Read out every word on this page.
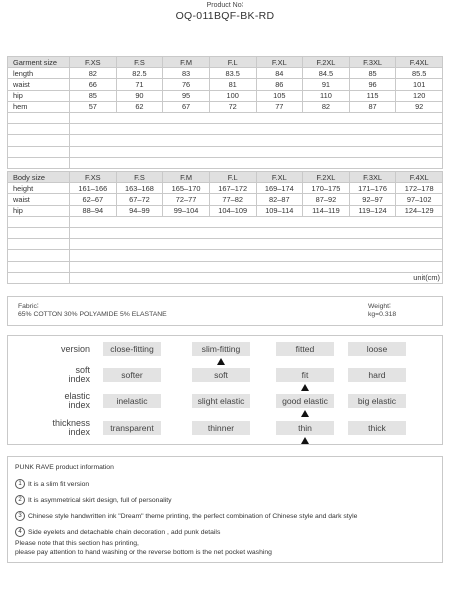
Product No∶
OQ-011BQF-BK-RD
Garment size	F.XS	F.S	F.M	F.L	F.XL	F.2XL	F.3XL	F.4XL
length	82	82.5	83	83.5	84	84.5	85	85.5
waist	66	71	76	81	86	91	96	101
hip	85	90	95	100	105	110	115	120
hem	57	62	67	72	77	82	87	92

Body size	F.XS	F.S	F.M	F.L	F.XL	F.2XL	F.3XL	F.4XL
height	161–166	163–168	165–170	167–172	169–174	170–175	171–176	172–178
waist	62–67	67–72	72–77	77–82	82–87	87–92	92–97	97–102
hip	88–94	94–99	99–104	104–109	109–114	114–119	119–124	124–129

	unit(cm)							
Fabric∶
65% COTTON 30% POLYAMIDE 5% ELASTANE
Weight∶
kg=0.318
version	close-fitting	slim-fitting	fitted	loose
soft
index	softer	soft	fit	hard
elastic
index	inelastic	slight elastic	good elastic	big elastic
thickness
index	transparent	thinner	thin	thick
PUNK RAVE product information
1 It is a slim fit version
2 It is asymmetrical skirt design, full of personality
3 Chinese style handwritten ink "Dream" theme printing, the perfect combination of Chinese style and dark style
4 Side eyelets and detachable chain decoration , add punk details
Please note that this section has printing,
please pay attention to hand washing or the reverse bottom is the net pocket washing
